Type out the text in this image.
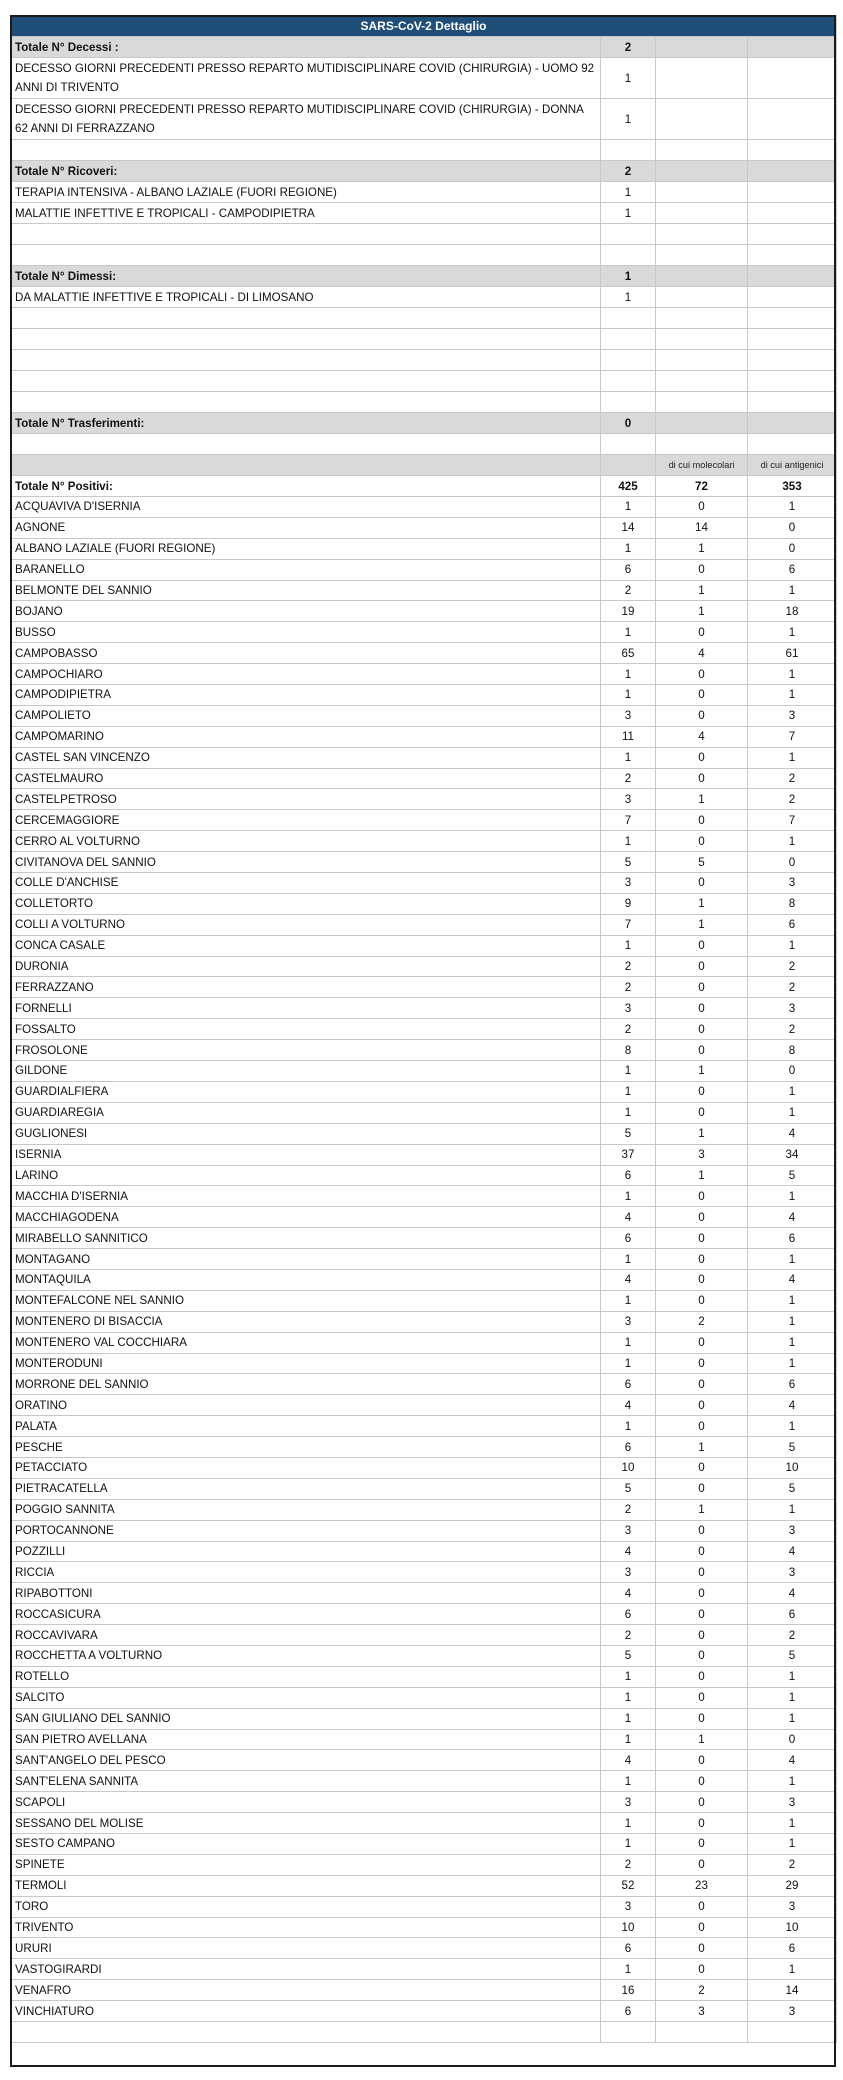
SARS-CoV-2 Dettaglio			
Totale N° Decessi :	2		
DECESSO GIORNI PRECEDENTI PRESSO REPARTO MUTIDISCIPLINARE COVID (CHIRURGIA) - UOMO 92 ANNI DI TRIVENTO	1		
DECESSO GIORNI PRECEDENTI PRESSO REPARTO MUTIDISCIPLINARE COVID (CHIRURGIA) - DONNA 62 ANNI DI FERRAZZANO	1		

Totale N° Ricoveri:	2		
TERAPIA INTENSIVA - ALBANO LAZIALE (FUORI REGIONE)	1		
MALATTIE INFETTIVE E TROPICALI - CAMPODIPIETRA	1		

Totale N° Dimessi:	1		
DA MALATTIE INFETTIVE E TROPICALI - DI LIMOSANO	1		

Totale N° Trasferimenti:	0		

		di cui molecolari	di cui antigenici
Totale N° Positivi:	425	72	353
ACQUAVIVA D'ISERNIA	1	0	1
AGNONE	14	14	0
ALBANO LAZIALE (FUORI REGIONE)	1	1	0
BARANELLO	6	0	6
BELMONTE DEL SANNIO	2	1	1
BOJANO	19	1	18
BUSSO	1	0	1
CAMPOBASSO	65	4	61
CAMPOCHIARO	1	0	1
CAMPODIPIETRA	1	0	1
CAMPOLIETO	3	0	3
CAMPOMARINO	11	4	7
CASTEL SAN VINCENZO	1	0	1
CASTELMAURO	2	0	2
CASTELPETROSO	3	1	2
CERCEMAGGIORE	7	0	7
CERRO AL VOLTURNO	1	0	1
CIVITANOVA DEL SANNIO	5	5	0
COLLE D'ANCHISE	3	0	3
COLLETORTO	9	1	8
COLLI A VOLTURNO	7	1	6
CONCA CASALE	1	0	1
DURONIA	2	0	2
FERRAZZANO	2	0	2
FORNELLI	3	0	3
FOSSALTO	2	0	2
FROSOLONE	8	0	8
GILDONE	1	1	0
GUARDIALFIERA	1	0	1
GUARDIAREGIA	1	0	1
GUGLIONESI	5	1	4
ISERNIA	37	3	34
LARINO	6	1	5
MACCHIA D'ISERNIA	1	0	1
MACCHIAGODENA	4	0	4
MIRABELLO SANNITICO	6	0	6
MONTAGANO	1	0	1
MONTAQUILA	4	0	4
MONTEFALCONE NEL SANNIO	1	0	1
MONTENERO DI BISACCIA	3	2	1
MONTENERO VAL COCCHIARA	1	0	1
MONTERODUNI	1	0	1
MORRONE DEL SANNIO	6	0	6
ORATINO	4	0	4
PALATA	1	0	1
PESCHE	6	1	5
PETACCIATO	10	0	10
PIETRACATELLA	5	0	5
POGGIO SANNITA	2	1	1
PORTOCANNONE	3	0	3
POZZILLI	4	0	4
RICCIA	3	0	3
RIPABOTTONI	4	0	4
ROCCASICURA	6	0	6
ROCCAVIVARA	2	0	2
ROCCHETTA A VOLTURNO	5	0	5
ROTELLO	1	0	1
SALCITO	1	0	1
SAN GIULIANO DEL SANNIO	1	0	1
SAN PIETRO AVELLANA	1	1	0
SANT'ANGELO DEL PESCO	4	0	4
SANT'ELENA SANNITA	1	0	1
SCAPOLI	3	0	3
SESSANO DEL MOLISE	1	0	1
SESTO CAMPANO	1	0	1
SPINETE	2	0	2
TERMOLI	52	23	29
TORO	3	0	3
TRIVENTO	10	0	10
URURI	6	0	6
VASTOGIRARDI	1	0	1
VENAFRO	16	2	14
VINCHIATURO	6	3	3
